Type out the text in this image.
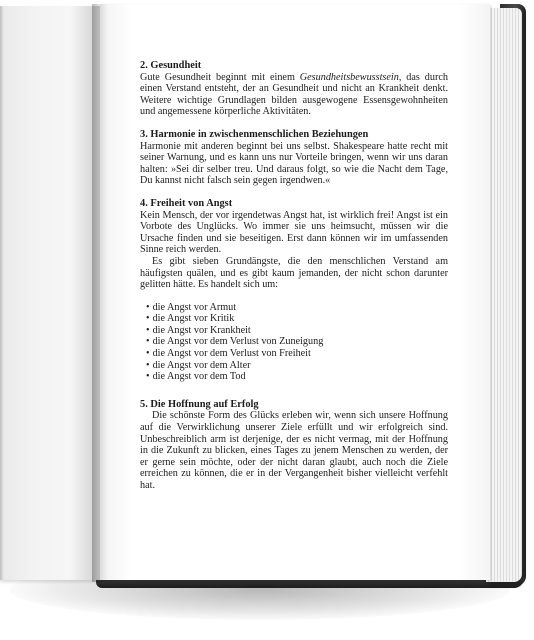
2. Gesundheit

Gute Gesundheit beginnt mit einem Gesundheitsbewusstsein, das durch einen Verstand entsteht, der an Gesundheit und nicht an Krankheit denkt. Weitere wichtige Grundlagen bilden ausgewogene Essensgewohnheiten und angemessene körperliche Aktivitäten.

3. Harmonie in zwischenmenschlichen Beziehungen

Harmonie mit anderen beginnt bei uns selbst. Shakespeare hatte recht mit seiner Warnung, und es kann uns nur Vorteile bringen, wenn wir uns daran halten: »Sei dir selber treu. Und daraus folgt, so wie die Nacht dem Tage, Du kannst nicht falsch sein gegen irgendwen.«

4. Freiheit von Angst

Kein Mensch, der vor irgendetwas Angst hat, ist wirklich frei! Angst ist ein Vorbote des Unglücks. Wo immer sie uns heimsucht, müssen wir die Ursache finden und sie beseitigen. Erst dann können wir im umfassenden Sinne reich werden.

Es gibt sieben Grundängste, die den menschlichen Verstand am häufigsten quälen, und es gibt kaum jemanden, der nicht schon darunter gelitten hätte. Es handelt sich um:

• die Angst vor Armut
• die Angst vor Kritik
• die Angst vor Krankheit
• die Angst vor dem Verlust von Zuneigung
• die Angst vor dem Verlust von Freiheit
• die Angst vor dem Alter
• die Angst vor dem Tod
5. Die Hoffnung auf Erfolg

Die schönste Form des Glücks erleben wir, wenn sich unsere Hoffnung auf die Verwirklichung unserer Ziele erfüllt und wir erfolgreich sind. Unbeschreiblich arm ist derjenige, der es nicht vermag, mit der Hoffnung in die Zukunft zu blicken, eines Tages zu jenem Menschen zu werden, der er gerne sein möchte, oder der nicht daran glaubt, auch noch die Ziele erreichen zu können, die er in der Vergangenheit bisher vielleicht verfehlt hat.
